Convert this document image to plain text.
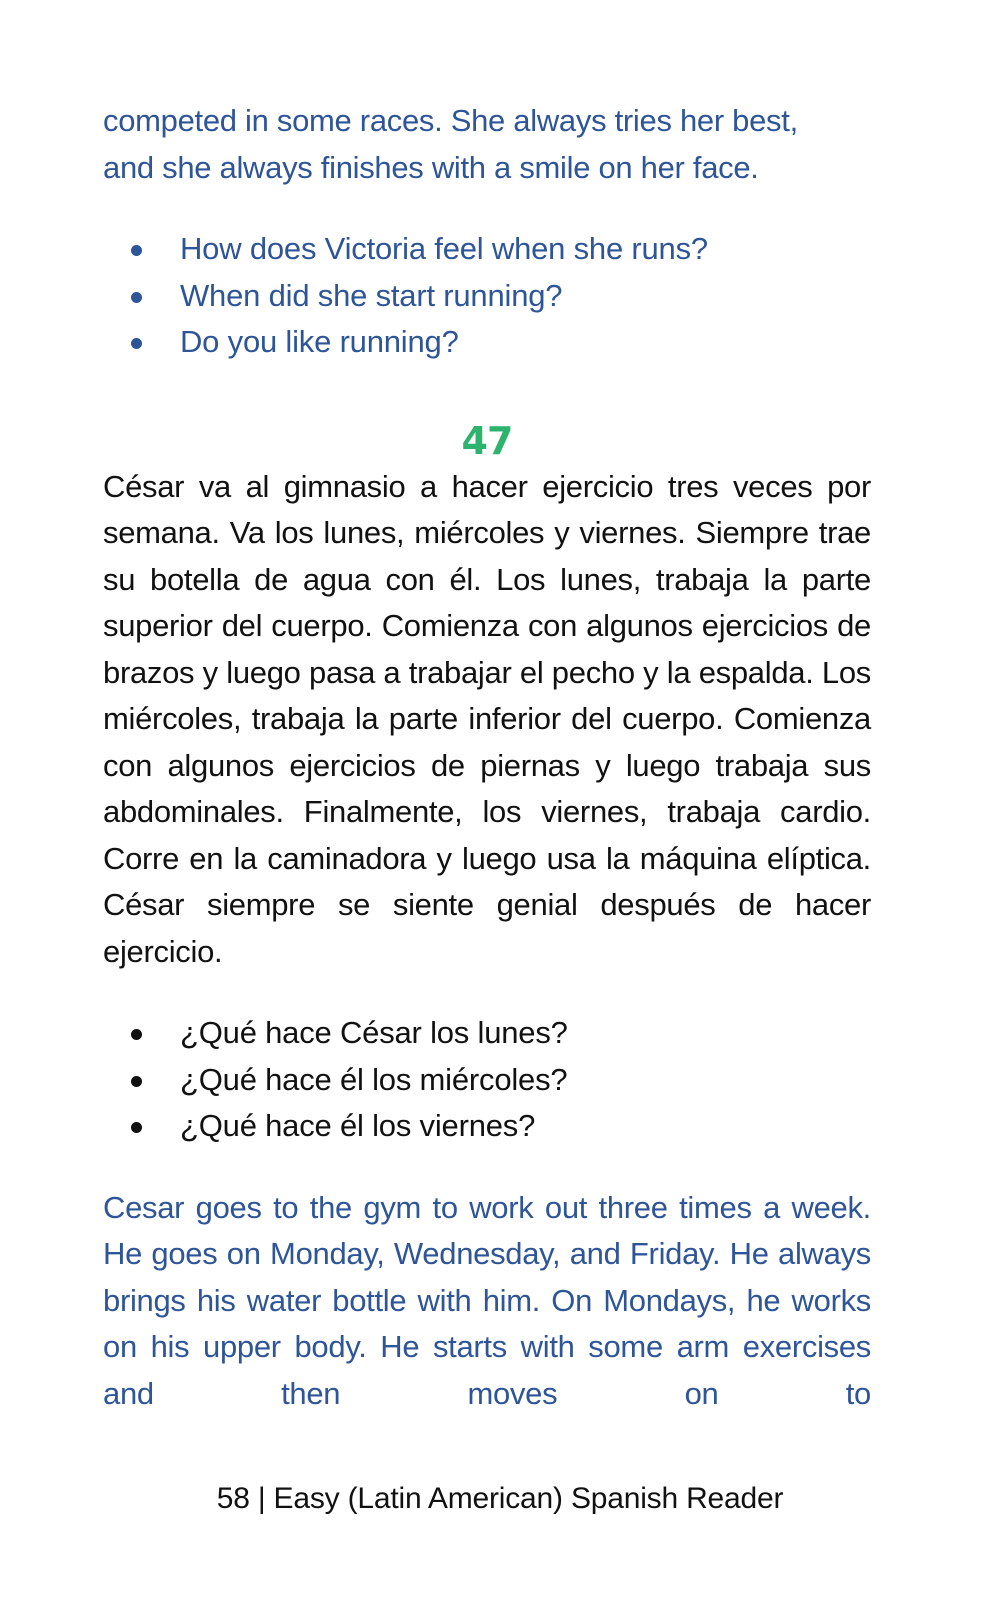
competed in some races. She always tries her best,
and she always finishes with a smile on her face.

How does Victoria feel when she runs?
When did she start running?
Do you like running?

47

César va al gimnasio a hacer ejercicio tres veces por semana. Va los lunes, miércoles y viernes. Siempre trae su botella de agua con él. Los lunes, trabaja la parte superior del cuerpo. Comienza con algunos ejercicios de brazos y luego pasa a trabajar el pecho y la espalda. Los miércoles, trabaja la parte inferior del cuerpo. Comienza con algunos ejercicios de piernas y luego trabaja sus abdominales. Finalmente, los viernes, trabaja cardio. Corre en la caminadora y luego usa la máquina elíptica. César siempre se siente genial después de hacer ejercicio.

¿Qué hace César los lunes?
¿Qué hace él los miércoles?
¿Qué hace él los viernes?

Cesar goes to the gym to work out three times a week. He goes on Monday, Wednesday, and Friday. He always brings his water bottle with him. On Mondays, he works on his upper body. He starts with some arm exercises and then moves on to

58 | Easy (Latin American) Spanish Reader
